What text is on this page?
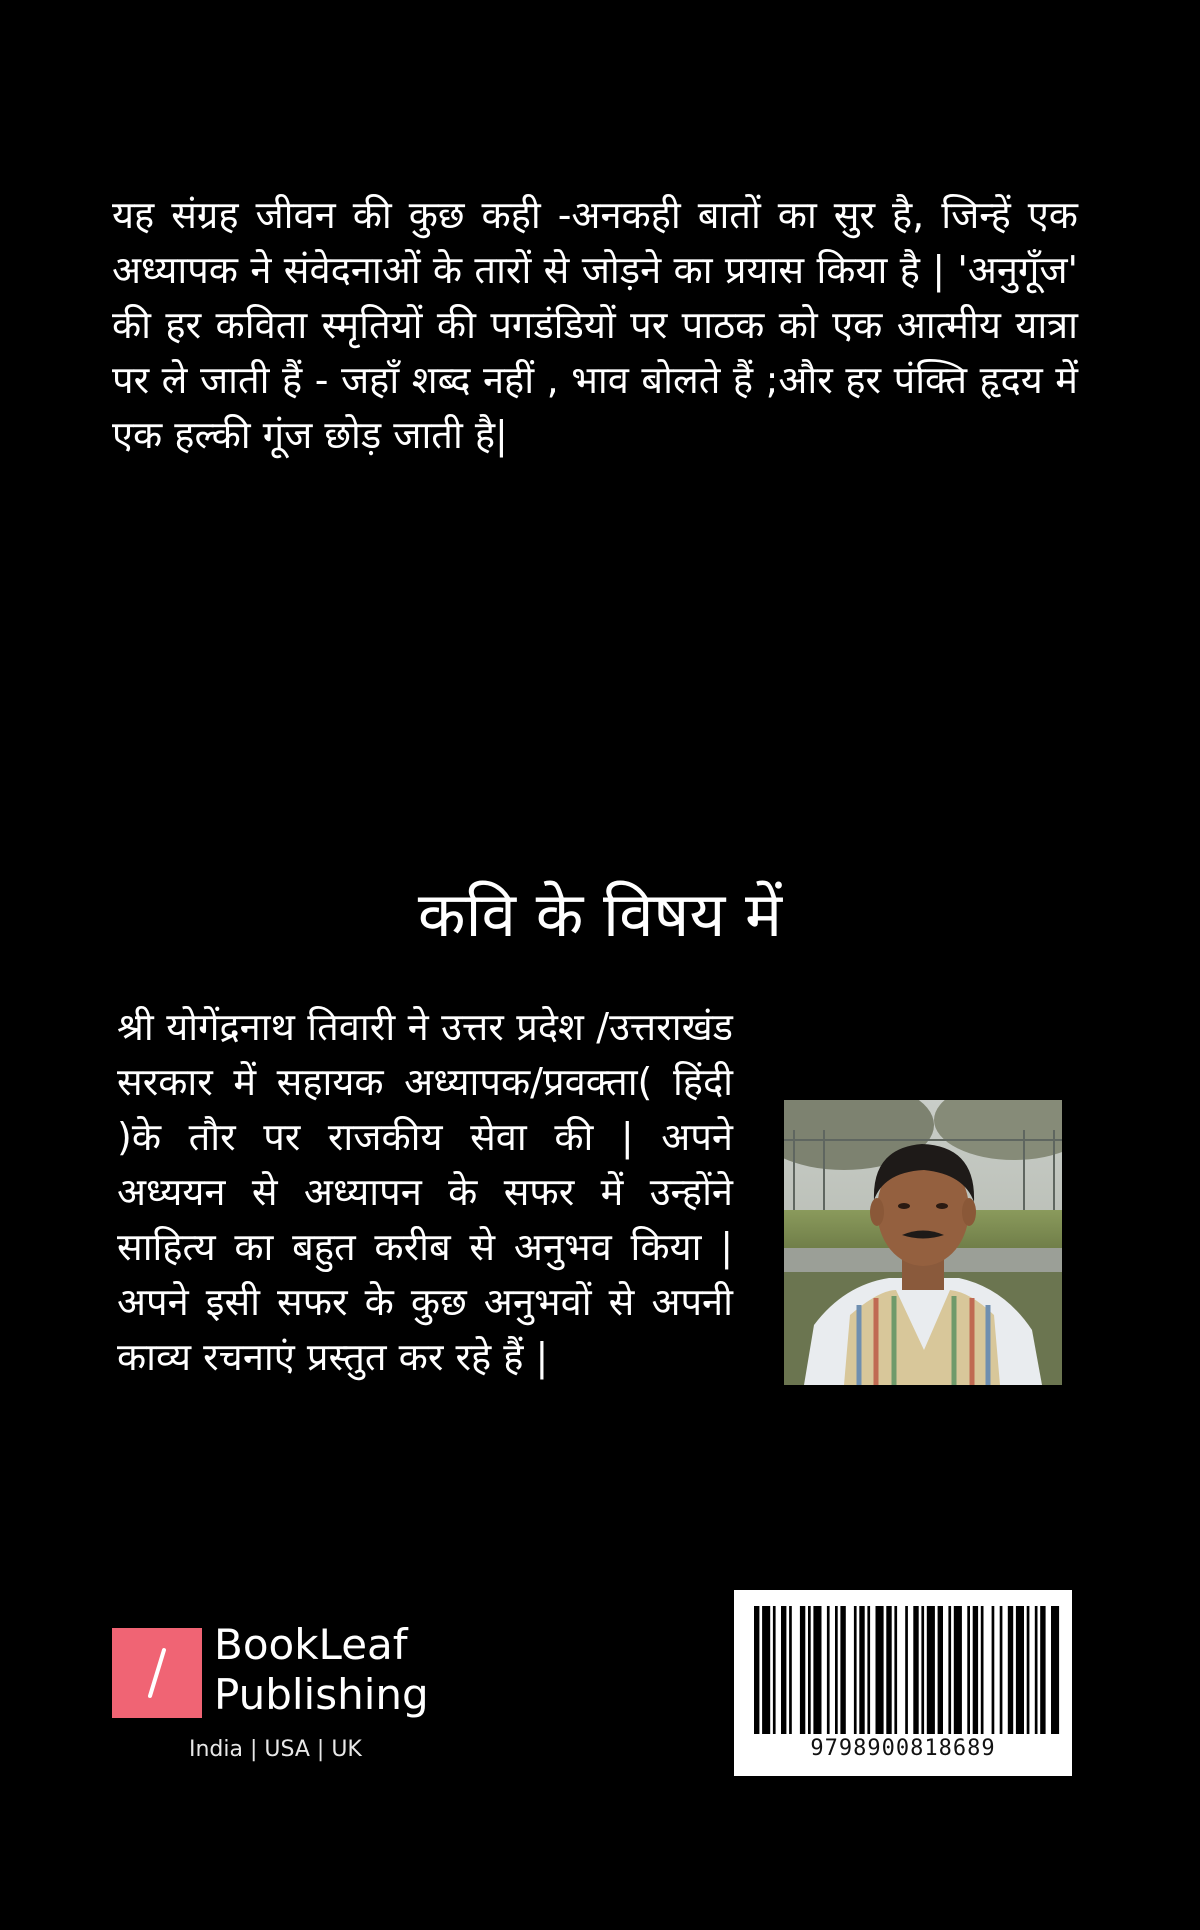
यह संग्रह जीवन की कुछ कही -अनकही बातों का सुर है, जिन्हें एक अध्यापक ने संवेदनाओं के तारों से जोड़ने का प्रयास किया है | 'अनुगूँज' की हर कविता स्मृतियों की पगडंडियों पर पाठक को एक आत्मीय यात्रा पर ले जाती हैं - जहाँ शब्द नहीं , भाव बोलते हैं ;और हर पंक्ति हृदय में एक हल्की गूंज छोड़ जाती है|

कवि के विषय में

श्री योगेंद्रनाथ तिवारी ने उत्तर प्रदेश /उत्तराखंड सरकार में सहायक अध्यापक/प्रवक्ता( हिंदी )के तौर पर राजकीय सेवा की | अपने अध्ययन से अध्यापन के सफर में उन्होंने साहित्य का बहुत करीब से अनुभव किया | अपने इसी सफर के कुछ अनुभवों से अपनी काव्य रचनाएं प्रस्तुत कर रहे हैं |

BookLeaf
Publishing
India | USA | UK	9798900818689
